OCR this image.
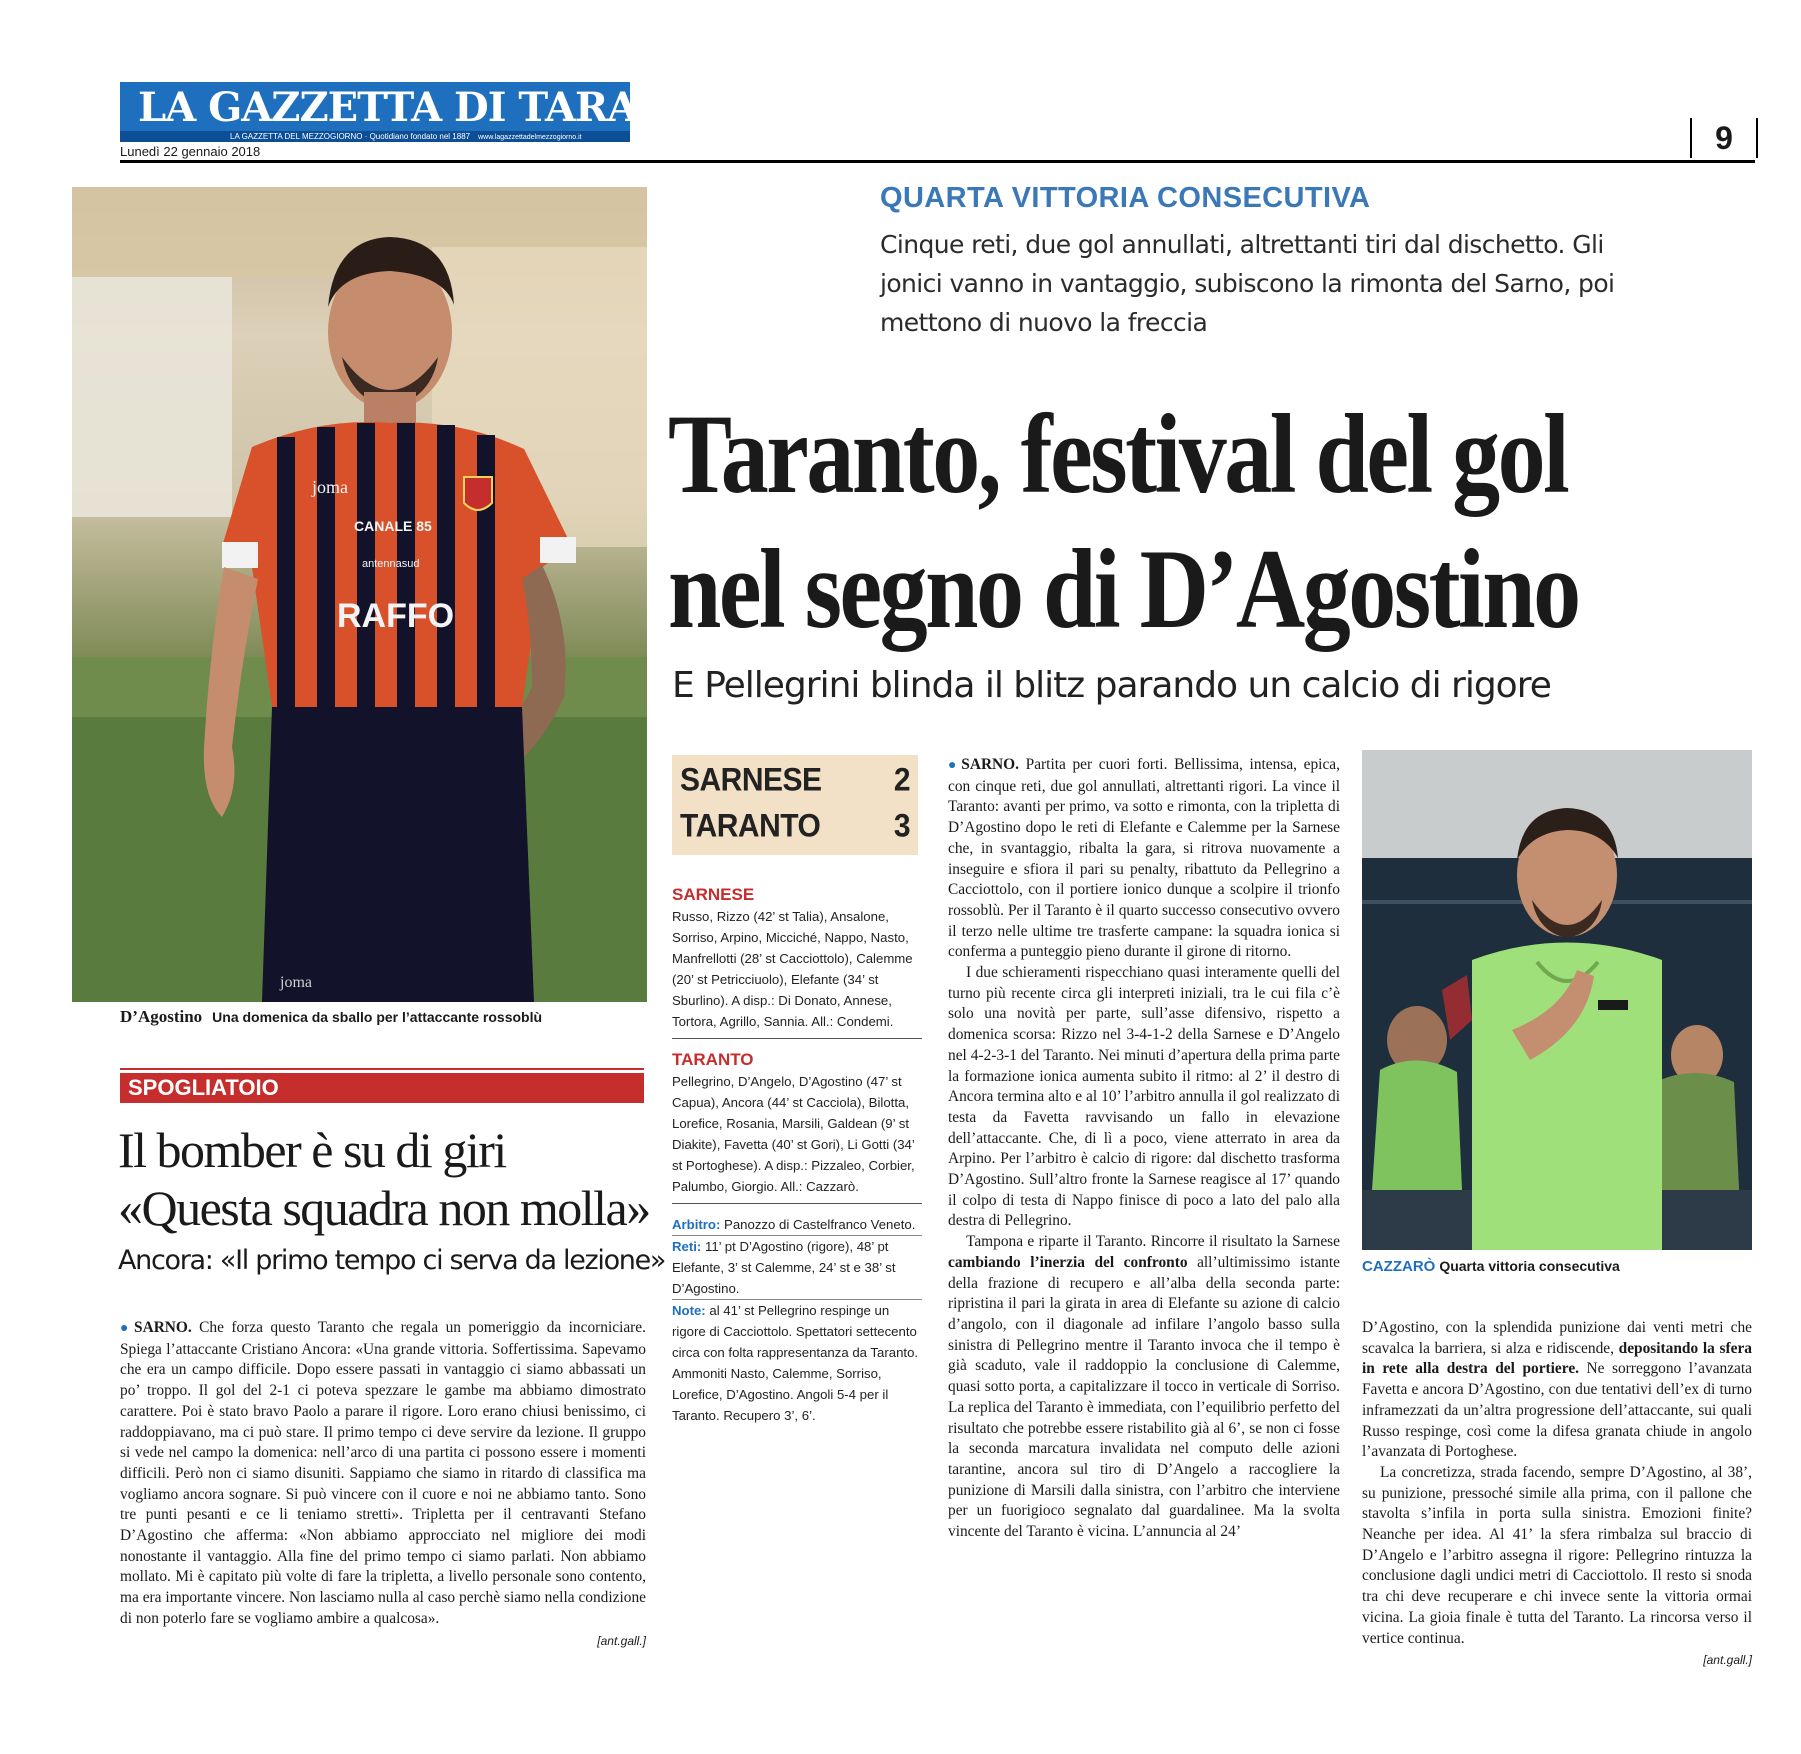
LA GAZZETTA DI TARANTO
LA GAZZETTA DEL MEZZOGIORNO · Quotidiano fondato nel 1887 www.lagazzettadelmezzogiorno.it
Lunedì 22 gennaio 2018	9
QUARTA VITTORIA CONSECUTIVA
Cinque reti, due gol annullati, altrettanti tiri dal dischetto. Gli jonici vanno in vantaggio, subiscono la rimonta del Sarno, poi mettono di nuovo la freccia
Taranto, festival del gol
nel segno di D’Agostino
E Pellegrini blinda il blitz parando un calcio di rigore
RAFFO
joma
joma
CANALE 85
antennasud
D’Agostino Una domenica da sballo per l’attaccante rossoblù
SPOGLIATOIO
Il bomber è su di giri
«Questa squadra non molla»
Ancora: «Il primo tempo ci serva da lezione»

● SARNO. Che forza questo Taranto che regala un pomeriggio da incorniciare. Spiega l’attaccante Cristiano Ancora: «Una grande vittoria. Soffertissima. Sapevamo che era un campo difficile. Dopo essere passati in vantaggio ci siamo abbassati un po’ troppo. Il gol del 2-1 ci poteva spezzare le gambe ma abbiamo dimostrato carattere. Poi è stato bravo Paolo a parare il rigore. Loro erano chiusi benissimo, ci raddoppiavano, ma ci può stare. Il primo tempo ci deve servire da lezione. Il gruppo si vede nel campo la domenica: nell’arco di una partita ci possono essere i momenti difficili. Però non ci siamo disuniti. Sappiamo che siamo in ritardo di classifica ma vogliamo ancora sognare. Si può vincere con il cuore e noi ne abbiamo tanto. Sono tre punti pesanti e ce li teniamo stretti». Tripletta per il centravanti Stefano D’Agostino che afferma: «Non abbiamo approcciato nel migliore dei modi nonostante il vantaggio. Alla fine del primo tempo ci siamo parlati. Non abbiamo mollato. Mi è capitato più volte di fare la tripletta, a livello personale sono contento, ma era importante vincere. Non lasciamo nulla al caso perchè siamo nella condizione di non poterlo fare se vogliamo ambire a qualcosa».

[ant.gall.]
SARNESE 2
TARANTO 3
SARNESE
Russo, Rizzo (42’ st Talia), Ansalone, Sorriso, Arpino, Micciché, Nappo, Nasto, Manfrellotti (28’ st Cacciottolo), Calemme (20’ st Petricciuolo), Elefante (34’ st Sburlino). A disp.: Di Donato, Annese, Tortora, Agrillo, Sannia. All.: Condemi.
TARANTO
Pellegrino, D’Angelo, D’Agostino (47’ st Capua), Ancora (44’ st Cacciola), Bilotta, Lorefice, Rosania, Marsili, Galdean (9’ st Diakite), Favetta (40’ st Gori), Li Gotti (34’ st Portoghese). A disp.: Pizzaleo, Corbier, Palumbo, Giorgio. All.: Cazzarò.
Arbitro: Panozzo di Castelfranco Veneto.
Reti: 11’ pt D’Agostino (rigore), 48’ pt Elefante, 3’ st Calemme, 24’ st e 38’ st D’Agostino.
Note: al 41’ st Pellegrino respinge un rigore di Cacciottolo. Spettatori settecento circa con folta rappresentanza da Taranto. Ammoniti Nasto, Calemme, Sorriso, Lorefice, D’Agostino. Angoli 5-4 per il Taranto. Recupero 3’, 6’.

● SARNO. Partita per cuori forti. Bellissima, intensa, epica, con cinque reti, due gol annullati, altrettanti rigori. La vince il Taranto: avanti per primo, va sotto e rimonta, con la tripletta di D’Agostino dopo le reti di Elefante e Calemme per la Sarnese che, in svantaggio, ribalta la gara, si ritrova nuovamente a inseguire e sfiora il pari su penalty, ribattuto da Pellegrino a Cacciottolo, con il portiere ionico dunque a scolpire il trionfo rossoblù. Per il Taranto è il quarto successo consecutivo ovvero il terzo nelle ultime tre trasferte campane: la squadra ionica si conferma a punteggio pieno durante il girone di ritorno.

I due schieramenti rispecchiano quasi interamente quelli del turno più recente circa gli interpreti iniziali, tra le cui fila c’è solo una novità per parte, sull’asse difensivo, rispetto a domenica scorsa: Rizzo nel 3-4-1-2 della Sarnese e D’Angelo nel 4-2-3-1 del Taranto. Nei minuti d’apertura della prima parte la formazione ionica aumenta subito il ritmo: al 2’ il destro di Ancora termina alto e al 10’ l’arbitro annulla il gol realizzato di testa da Favetta ravvisando un fallo in elevazione dell’attaccante. Che, di lì a poco, viene atterrato in area da Arpino. Per l’arbitro è calcio di rigore: dal dischetto trasforma D’Agostino. Sull’altro fronte la Sarnese reagisce al 17’ quando il colpo di testa di Nappo finisce di poco a lato del palo alla destra di Pellegrino.

Tampona e riparte il Taranto. Rincorre il risultato la Sarnese cambiando l’inerzia del confronto all’ultimissimo istante della frazione di recupero e all’alba della seconda parte: ripristina il pari la girata in area di Elefante su azione di calcio d’angolo, con il diagonale ad infilare l’angolo basso sulla sinistra di Pellegrino mentre il Taranto invoca che il tempo è già scaduto, vale il raddoppio la conclusione di Calemme, quasi sotto porta, a capitalizzare il tocco in verticale di Sorriso. La replica del Taranto è immediata, con l’equilibrio perfetto del risultato che potrebbe essere ristabilito già al 6’, se non ci fosse la seconda marcatura invalidata nel computo delle azioni tarantine, ancora sul tiro di D’Angelo a raccogliere la punizione di Marsili dalla sinistra, con l’arbitro che interviene per un fuorigioco segnalato dal guardalinee. Ma la svolta vincente del Taranto è vicina. L’annuncia al 24’

CAZZARÒ Quarta vittoria consecutiva

D’Agostino, con la splendida punizione dai venti metri che scavalca la barriera, si alza e ridiscende, depositando la sfera in rete alla destra del portiere. Ne sorreggono l’avanzata Favetta e ancora D’Agostino, con due tentativi dell’ex di turno inframezzati da un’altra progressione dell’attaccante, sui quali Russo respinge, così come la difesa granata chiude in angolo l’avanzata di Portoghese.

La concretizza, strada facendo, sempre D’Agostino, al 38’, su punizione, pressoché simile alla prima, con il pallone che stavolta s’infila in porta sulla sinistra. Emozioni finite? Neanche per idea. Al 41’ la sfera rimbalza sul braccio di D’Angelo e l’arbitro assegna il rigore: Pellegrino rintuzza la conclusione dagli undici metri di Cacciottolo. Il resto si snoda tra chi deve recuperare e chi invece sente la vittoria ormai vicina. La gioia finale è tutta del Taranto. La rincorsa verso il vertice continua.

[ant.gall.]
